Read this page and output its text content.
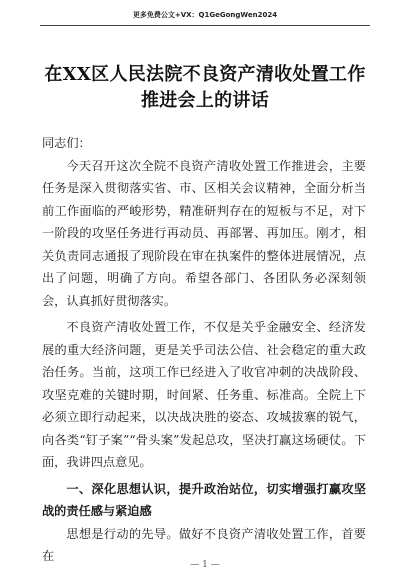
更多免费公文+VX：Q1GeGongWen2024
在XX区人民法院不良资产清收处置工作
推进会上的讲话

同志们：

今天召开这次全院不良资产清收处置工作推进会，主要任务是深入贯彻落实省、市、区相关会议精神，全面分析当前工作面临的严峻形势，精准研判存在的短板与不足，对下一阶段的攻坚任务进行再动员、再部署、再加压。刚才，相关负责同志通报了现阶段在审在执案件的整体进展情况，点出了问题，明确了方向。希望各部门、各团队务必深刻领会，认真抓好贯彻落实。

不良资产清收处置工作，不仅是关乎金融安全、经济发展的重大经济问题，更是关乎司法公信、社会稳定的重大政治任务。当前，这项工作已经进入了收官冲刺的决战阶段、攻坚克难的关键时期，时间紧、任务重、标准高。全院上下必须立即行动起来，以决战决胜的姿态、攻城拔寨的锐气，向各类“钉子案”“骨头案”发起总攻，坚决打赢这场硬仗。下面，我讲四点意见。

一、深化思想认识，提升政治站位，切实增强打赢攻坚战的责任感与紧迫感

思想是行动的先导。做好不良资产清收处置工作，首要在

— 1 —
